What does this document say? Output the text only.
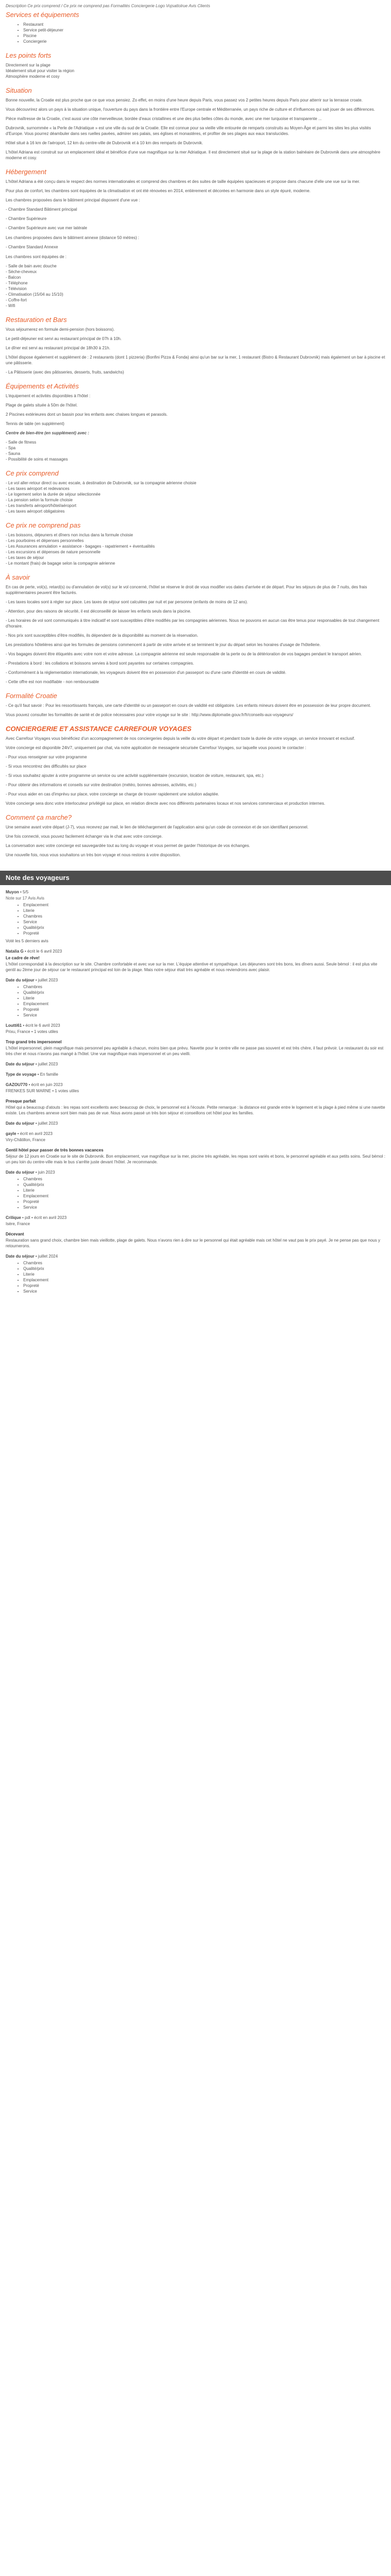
Description Ce prix comprend / Ce prix ne comprend pas Formalités Conciergerie Logo Vojsattolrue Avis Clients
Services et équipements
• Restaurant
• Service petit-déjeuner
• Piscine
• Conciergerie
Les points forts
Directement sur la plage
Idéalement situé pour visiter la région
Atmosphère moderne et cosy
Situation

Bonne nouvelle, la Croatie est plus proche que ce que vous pensiez. Zo effet, en moins d'une heure depuis Paris, vous passez vos 2 petites heures depuis Paris pour atterrir sur la terrasse croate.

Vous découvrirez alors un pays à la situation unique, l'ouverture du pays dans la frontière entre l'Europe centrale et Méditerranée, un pays riche de culture et d'influences qui sait jouer de ses différences.

Pièce maîtresse de la Croatie, c'est aussi une côte merveilleuse, bordée d'eaux cristallines et une des plus belles côtes du monde, avec une mer turquoise et transparente ...

Dubrovnik, surnommée « la Perle de l'Adriatique » est une ville du sud de la Croatie. Elle est connue pour sa vieille ville entourée de remparts construits au Moyen-Âge et parmi les sites les plus visités d'Europe. Vous pourrez déambuler dans ses ruelles pavées, admirer ses palais, ses églises et monastères, et profiter de ses plages aux eaux translucides.

Hôtel situé à 16 km de l'aéroport, 12 km du centre-ville de Dubrovnik et à 10 km des remparts de Dubrovnik.

L'hôtel Adriana est construit sur un emplacement idéal et bénéficie d'une vue magnifique sur la mer Adriatique. Il est directement situé sur la plage de la station balnéaire de Dubrovnik dans une atmosphère moderne et cosy.

Hébergement

L'hôtel Adriana a été conçu dans le respect des normes internationales et comprend des chambres et des suites de taille équipées spacieuses et propose dans chacune d'elle une vue sur la mer.

Pour plus de confort, les chambres sont équipées de la climatisation et ont été rénovées en 2014, entièrement et décorées en harmonie dans un style épuré, moderne.

Les chambres proposées dans le bâtiment principal disposent d'une vue :

- Chambre Standard Bâtiment principal
- Chambre Supérieure
- Chambre Supérieure avec vue mer latérale

Les chambres proposées dans le bâtiment annexe (distance 50 mètres) :

- Chambre Standard Annexe

Les chambres sont équipées de :

- Salle de bain avec douche
- Sèche-cheveux
- Balcon
- Téléphone
- Télévision
- Climatisation (15/04 au 15/10)
- Coffre-fort
- Wifi
Restauration et Bars

Vous séjournerez en formule demi-pension (hors boissons).

Le petit-déjeuner est servi au restaurant principal de 07h à 10h.

Le dîner est servi au restaurant principal de 18h30 à 21h.

L'hôtel dispose également et supplément de : 2 restaurants (dont 1 pizzeria) (Bonfini Pizza & Fonda) ainsi qu'un bar sur la mer, 1 restaurant (Bistro & Restaurant Dubrovnik) mais également un bar à piscine et une pâtisserie.

- La Pâtisserie (avec des pâtisseries, desserts, fruits, sandwichs)

Équipements et Activités

L'équipement et activités disponibles à l'hôtel :

Plage de galets située à 50m de l'hôtel.

2 Piscines extérieures dont un bassin pour les enfants avec chaises longues et parasols.

Tennis de table (en supplément)

Centre de bien-être (en supplément) avec :

- Salle de fitness
- Spa
- Sauna
- Possibilité de soins et massages
Ce prix comprend
- Le vol aller-retour direct ou avec escale, à destination de Dubrovnik, sur la compagnie aérienne choisie
- Les taxes aéroport et redevances
- Le logement selon la durée de séjour sélectionnée
- La pension selon la formule choisie
- Les transferts aéroport/hôtel/aéroport
- Les taxes aéroport obligatoires
Ce prix ne comprend pas
- Les boissons, déjeuners et dîners non inclus dans la formule choisie
- Les pourboires et dépenses personnelles
- Les Assurances annulation + assistance - bagages - rapatriement + éventualités
- Les excursions et dépenses de nature personnelle
- Les taxes de séjour
- Le montant (frais) de bagage selon la compagnie aérienne
À savoir

En cas de perte, vol(s), retard(s) ou d'annulation de vol(s) sur le vol concerné, l'hôtel se réserve le droit de vous modifier vos dates d'arrivée et de départ. Pour les séjours de plus de 7 nuits, des frais supplémentaires peuvent être facturés.

- Les taxes locales sont à régler sur place. Les taxes de séjour sont calculées par nuit et par personne (enfants de moins de 12 ans).

- Attention, pour des raisons de sécurité, il est déconseillé de laisser les enfants seuls dans la piscine.

- Les horaires de vol sont communiqués à titre indicatif et sont susceptibles d'être modifiés par les compagnies aériennes. Nous ne pouvons en aucun cas être tenus pour responsables de tout changement d'horaire.

- Nos prix sont susceptibles d'être modifiés, ils dépendent de la disponibilité au moment de la réservation.

Les prestations hôtelières ainsi que les formules de pensions commencent à partir de votre arrivée et se terminent le jour du départ selon les horaires d'usage de l'hôtellerie.

- Vos bagages doivent être étiquetés avec votre nom et votre adresse. La compagnie aérienne est seule responsable de la perte ou de la détérioration de vos bagages pendant le transport aérien.

- Prestations à bord : les collations et boissons servies à bord sont payantes sur certaines compagnies.

- Conformément à la réglementation internationale, les voyageurs doivent être en possession d'un passeport ou d'une carte d'identité en cours de validité.

- Cette offre est non modifiable - non remboursable

Formalité Croatie

- Ce qu'il faut savoir : Pour les ressortissants français, une carte d'identité ou un passeport en cours de validité est obligatoire. Les enfants mineurs doivent être en possession de leur propre document.

Vous pouvez consulter les formalités de santé et de police nécessaires pour votre voyage sur le site : http://www.diplomatie.gouv.fr/fr/conseils-aux-voyageurs/

CONCIERGERIE ET ASSISTANCE CARREFOUR VOYAGES

Avec Carrefour Voyages vous bénéficiez d'un accompagnement de nos conciergeries depuis la veille du votre départ et pendant toute la durée de votre voyage, un service innovant et exclusif.

Votre concierge est disponible 24h/7, uniquement par chat, via notre application de messagerie sécurisée Carrefour Voyages, sur laquelle vous pouvez le contacter :

- Pour vous renseigner sur votre programme

- Si vous rencontrez des difficultés sur place

- Si vous souhaitez ajouter à votre programme un service ou une activité supplémentaire (excursion, location de voiture, restaurant, spa, etc.)

- Pour obtenir des informations et conseils sur votre destination (météo, bonnes adresses, activités, etc.)

- Pour vous aider en cas d'imprévu sur place, votre concierge se charge de trouver rapidement une solution adaptée.

Votre concierge sera donc votre interlocuteur privilégié sur place, en relation directe avec nos différents partenaires locaux et nos services commerciaux et production internes.

Comment ça marche?

Une semaine avant votre départ (J-7), vous recevrez par mail, le lien de téléchargement de l'application ainsi qu'un code de connexion et de son identifiant personnel.

Une fois connecté, vous pouvez facilement échanger via le chat avec votre concierge.

La conversation avec votre concierge est sauvegardée tout au long du voyage et vous permet de garder l'historique de vos échanges.

Une nouvelle fois, nous vous souhaitons un très bon voyage et nous restons à votre disposition.

Note des voyageurs
Muyon • 5/5
Note sur 17 Avis Avis
• Emplacement
• Literie
• Chambres
• Service
• Qualité/prix
• Propreté
Voté les 5 derniers avis
Natalia G • écrit le 6 avril 2023
Le cadre de rêve!
L'hôtel correspondait à la description sur le site. Chambre confortable et avec vue sur la mer. L'équipe attentive et sympathique. Les déjeuners sont très bons, les dîners aussi. Seule bémol : il est plus vite gentil au 2ème jour de séjour car le restaurant principal est loin de la plage. Mais notre séjour était très agréable et nous reviendrons avec plaisir.
Date du séjour • juillet 2023
• Chambres
• Qualité/prix
• Literie
• Emplacement
• Propreté
• Service
Loutti61 • écrit le 6 avril 2023
Prixu, France • 1 votes utiles
Trop grand très impersonnel
L'hôtel impersonnel, plein magnifique mais personnel peu agréable à chacun, moins bien que prévu. Navette pour le centre ville ne passe pas souvent et est très chère, il faut prévoir. Le restaurant du soir est très cher et nous n'avons pas mangé à l'hôtel. Une vue magnifique mais impersonnel et un peu vieilli.
Date du séjour • juillet 2023
Type de voyage • En famille
GAZOU770 • écrit en juin 2023
FRENKES SUR MARNE • 1 votes utiles
Presque parfait
Hôtel qui a beaucoup d'atouts : les repas sont excellents avec beaucoup de choix, le personnel est à l'écoute. Petite remarque : la distance est grande entre le logement et la plage à pied même si une navette existe. Les chambres annexe sont bien mais pas de vue. Nous avons passé un très bon séjour et conseillons cet hôtel pour les familles.
Date du séjour • juillet 2023
gayle • écrit en avril 2023
Viry-Châtillon, France
Gentil hôtel pour passer de très bonnes vacances
Séjour de 12 jours en Croatie sur le site de Dubrovnik. Bon emplacement, vue magnifique sur la mer, piscine très agréable, les repas sont variés et bons, le personnel agréable et aux petits soins. Seul bémol : un peu loin du centre-ville mais le bus s'arrête juste devant l'hôtel. Je recommande.
Date du séjour • juin 2023
• Chambres
• Qualité/prix
• Literie
• Emplacement
• Propreté
• Service
Crilique • pdl • écrit en avril 2023
Isère, France
Décevant
Restauration sans grand choix, chambre bien mais vieillotte, plage de galets. Nous n'avons rien à dire sur le personnel qui était agréable mais cet hôtel ne vaut pas le prix payé. Je ne pense pas que nous y retournerons.
Date du séjour • juillet 2024
• Chambres
• Qualité/prix
• Literie
• Emplacement
• Propreté
• Service
